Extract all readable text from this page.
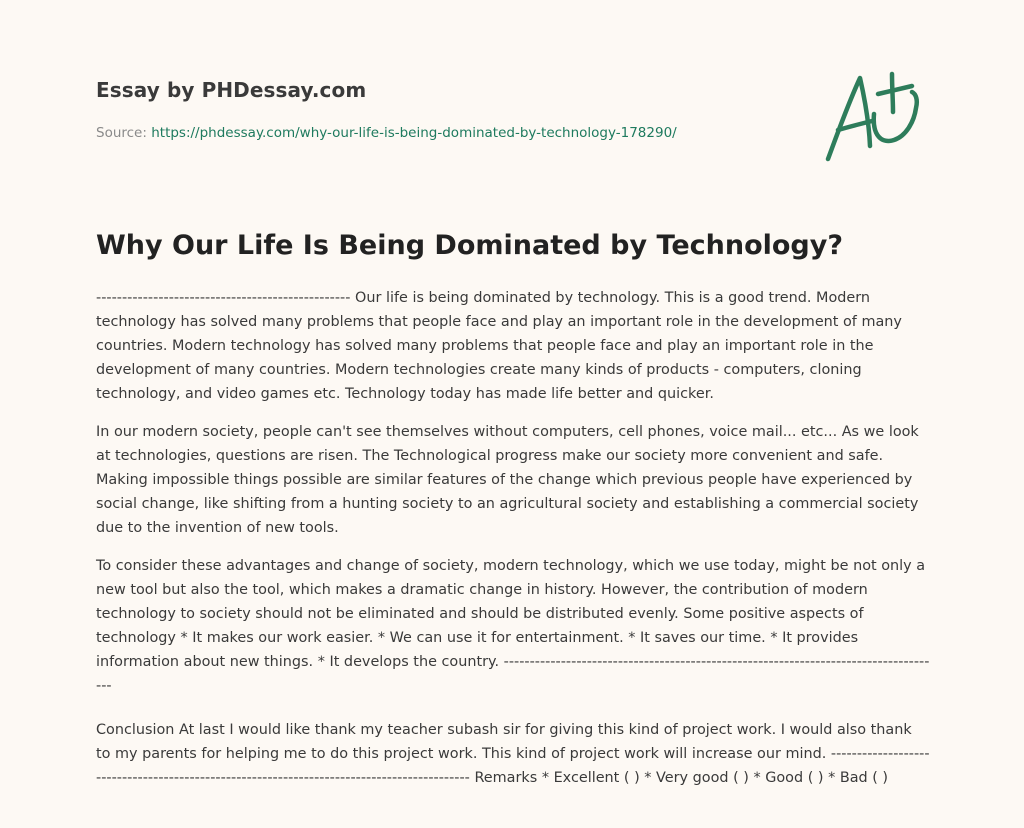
Essay by PHDessay.com
Source: https://phdessay.com/why-our-life-is-being-dominated-by-technology-178290/
Why Our Life Is Being Dominated by Technology?

------------------------------------------------- Our life is being dominated by technology. This is a good trend. Modern technology has solved many problems that people face and play an important role in the development of many countries. Modern technology has solved many problems that people face and play an important role in the development of many countries. Modern technologies create many kinds of products - computers, cloning technology, and video games etc. Technology today has made life better and quicker.

In our modern society, people can't see themselves without computers, cell phones, voice mail... etc... As we look at technologies, questions are risen. The Technological progress make our society more convenient and safe. Making impossible things possible are similar features of the change which previous people have experienced by social change, like shifting from a hunting society to an agricultural society and establishing a commercial society due to the invention of new tools.

To consider these advantages and change of society, modern technology, which we use today, might be not only a new tool but also the tool, which makes a dramatic change in history. However, the contribution of modern technology to society should not be eliminated and should be distributed evenly. Some positive aspects of technology * It makes our work easier. * We can use it for entertainment. * It saves our time. * It provides information about new things. * It develops the country. -------------------------------------------------------------------------------------

Conclusion At last I would like thank my teacher subash sir for giving this kind of project work. I would also thank to my parents for helping me to do this project work. This kind of project work will increase our mind. ------------------------------------------------------------------------------------------- Remarks * Excellent ( ) * Very good ( ) * Good ( ) * Bad ( )
